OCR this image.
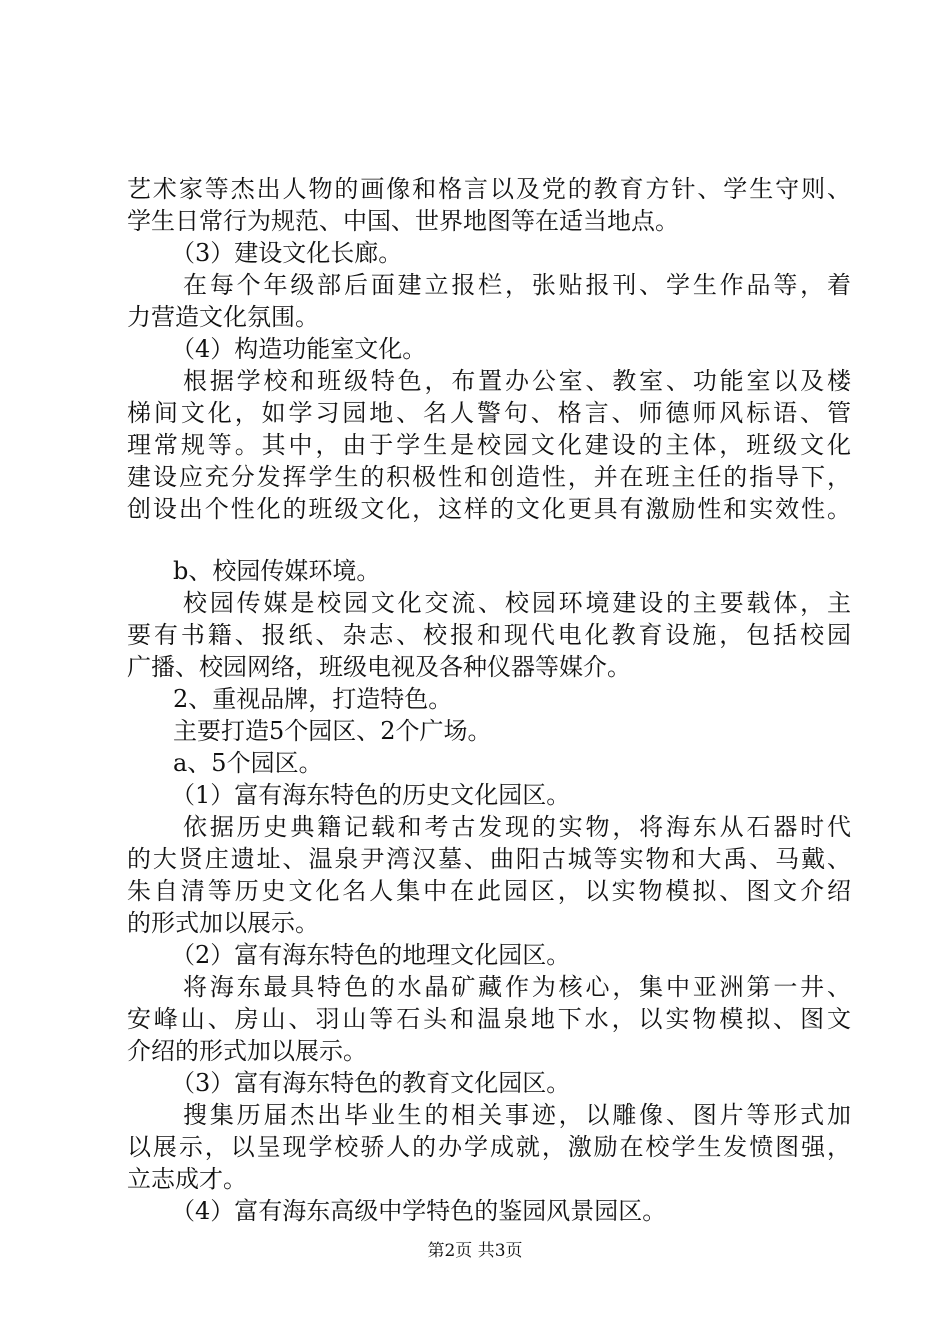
艺术家等杰出人物的画像和格言以及党的教育方针、学生守则、
学生日常行为规范、中国、世界地图等在适当地点。
（3）建设文化长廊。
在每个年级部后面建立报栏，张贴报刊、学生作品等，着
力营造文化氛围。
（4）构造功能室文化。
根据学校和班级特色，布置办公室、教室、功能室以及楼
梯间文化，如学习园地、名人警句、格言、师德师风标语、管
理常规等。其中，由于学生是校园文化建设的主体，班级文化
建设应充分发挥学生的积极性和创造性，并在班主任的指导下，
创设出个性化的班级文化，这样的文化更具有激励性和实效性。
b、校园传媒环境。
校园传媒是校园文化交流、校园环境建设的主要载体，主
要有书籍、报纸、杂志、校报和现代电化教育设施，包括校园
广播、校园网络，班级电视及各种仪器等媒介。
2、重视品牌，打造特色。
主要打造5个园区、2个广场。
a、5个园区。
（1）富有海东特色的历史文化园区。
依据历史典籍记载和考古发现的实物，将海东从石器时代
的大贤庄遗址、温泉尹湾汉墓、曲阳古城等实物和大禹、马戴、
朱自清等历史文化名人集中在此园区，以实物模拟、图文介绍
的形式加以展示。
（2）富有海东特色的地理文化园区。
将海东最具特色的水晶矿藏作为核心，集中亚洲第一井、
安峰山、房山、羽山等石头和温泉地下水，以实物模拟、图文
介绍的形式加以展示。
（3）富有海东特色的教育文化园区。
搜集历届杰出毕业生的相关事迹，以雕像、图片等形式加
以展示，以呈现学校骄人的办学成就，激励在校学生发愤图强，
立志成才。
（4）富有海东高级中学特色的鉴园风景园区。
第2页 共3页
